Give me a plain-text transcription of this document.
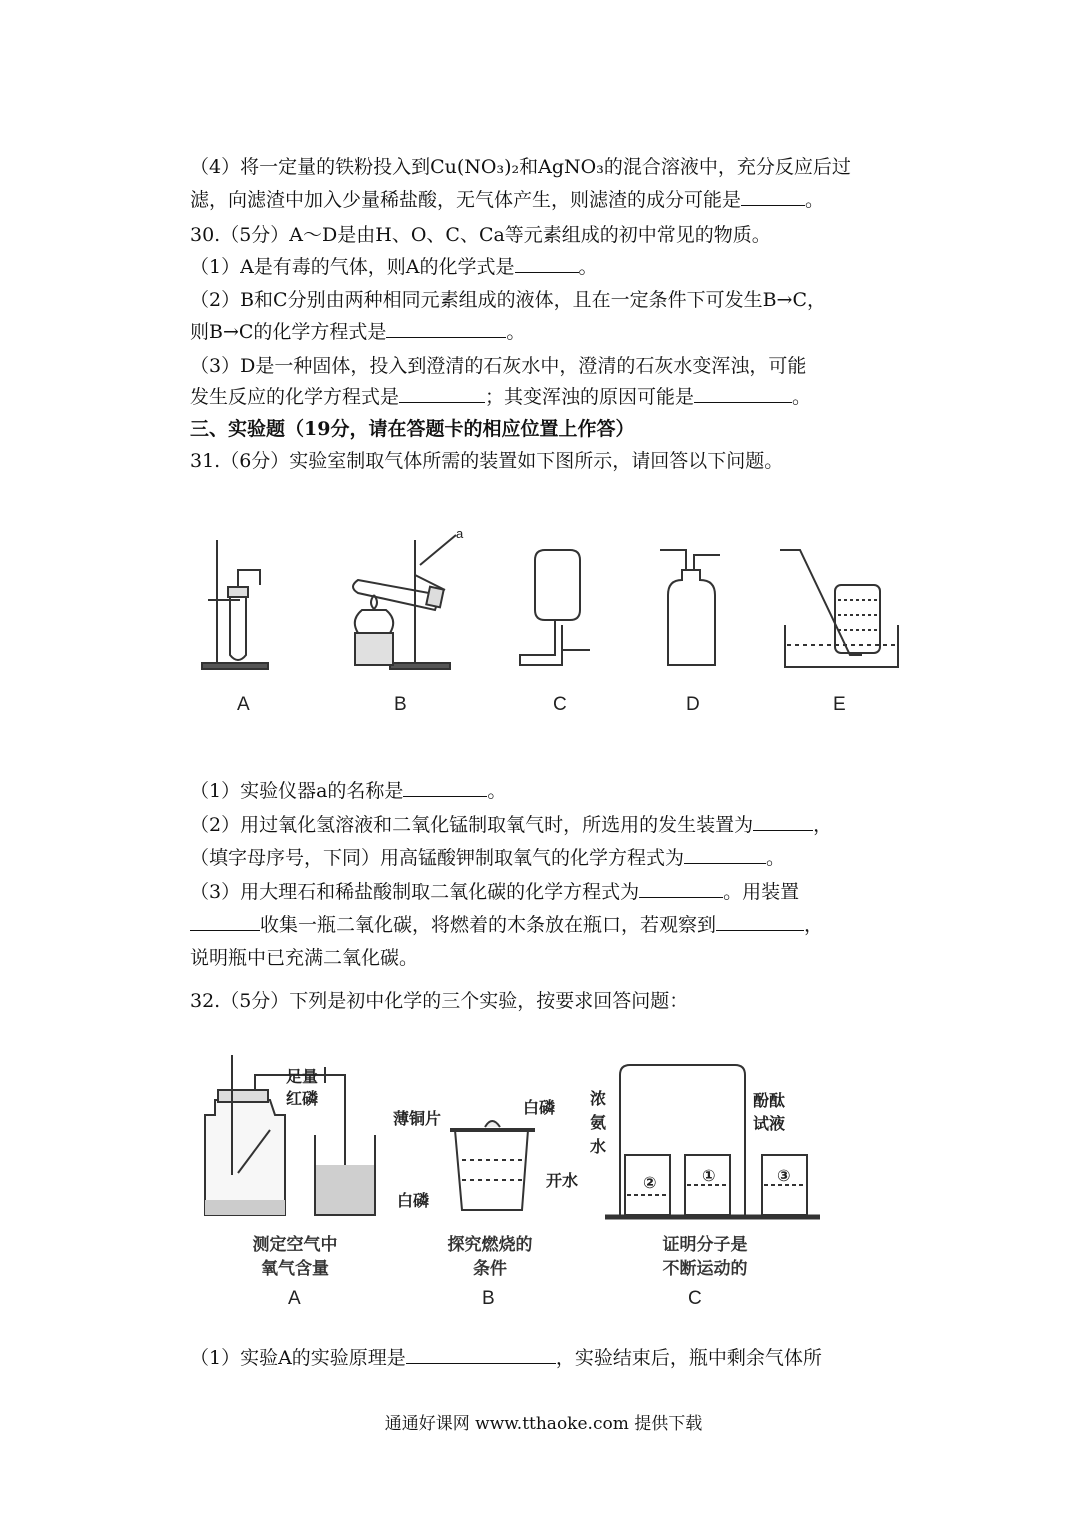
（4）将一定量的铁粉投入到Cu(NO₃)₂和AgNO₃的混合溶液中，充分反应后过
滤，向滤渣中加入少量稀盐酸，无气体产生，则滤渣的成分可能是	。
30.（5分）A～D是由H、O、C、Ca等元素组成的初中常见的物质。
（1）A是有毒的气体，则A的化学式是	。
（2）B和C分别由两种相同元素组成的液体，且在一定条件下可发生B→C，
则B→C的化学方程式是	。
（3）D是一种固体，投入到澄清的石灰水中，澄清的石灰水变浑浊，可能
发生反应的化学方程式是	；其变浑浊的原因可能是	。
三、实验题（19分，请在答题卡的相应位置上作答）
31.（6分）实验室制取气体所需的装置如下图所示，请回答以下问题。
a
A	B	C	D	E
（1）实验仪器a的名称是	。
（2）用过氧化氢溶液和二氧化锰制取氧气时，所选用的发生装置为	，
（填字母序号，下同）用高锰酸钾制取氧气的化学方程式为	。
（3）用大理石和稀盐酸制取二氧化碳的化学方程式为	。用装置
收集一瓶二氧化碳，将燃着的木条放在瓶口，若观察到	，
说明瓶中已充满二氧化碳。
32.（5分）下列是初中化学的三个实验，按要求回答问题：
足量
红磷
薄铜片
白磷
开水
白磷
浓
氨
水
酚酞
试液
②	①	③
测定空气中
氧气含量
探究燃烧的
条件
证明分子是
不断运动的
A	B	C
（1）实验A的实验原理是	，实验结束后，瓶中剩余气体所
通通好课网 www.tthaoke.com 提供下载
